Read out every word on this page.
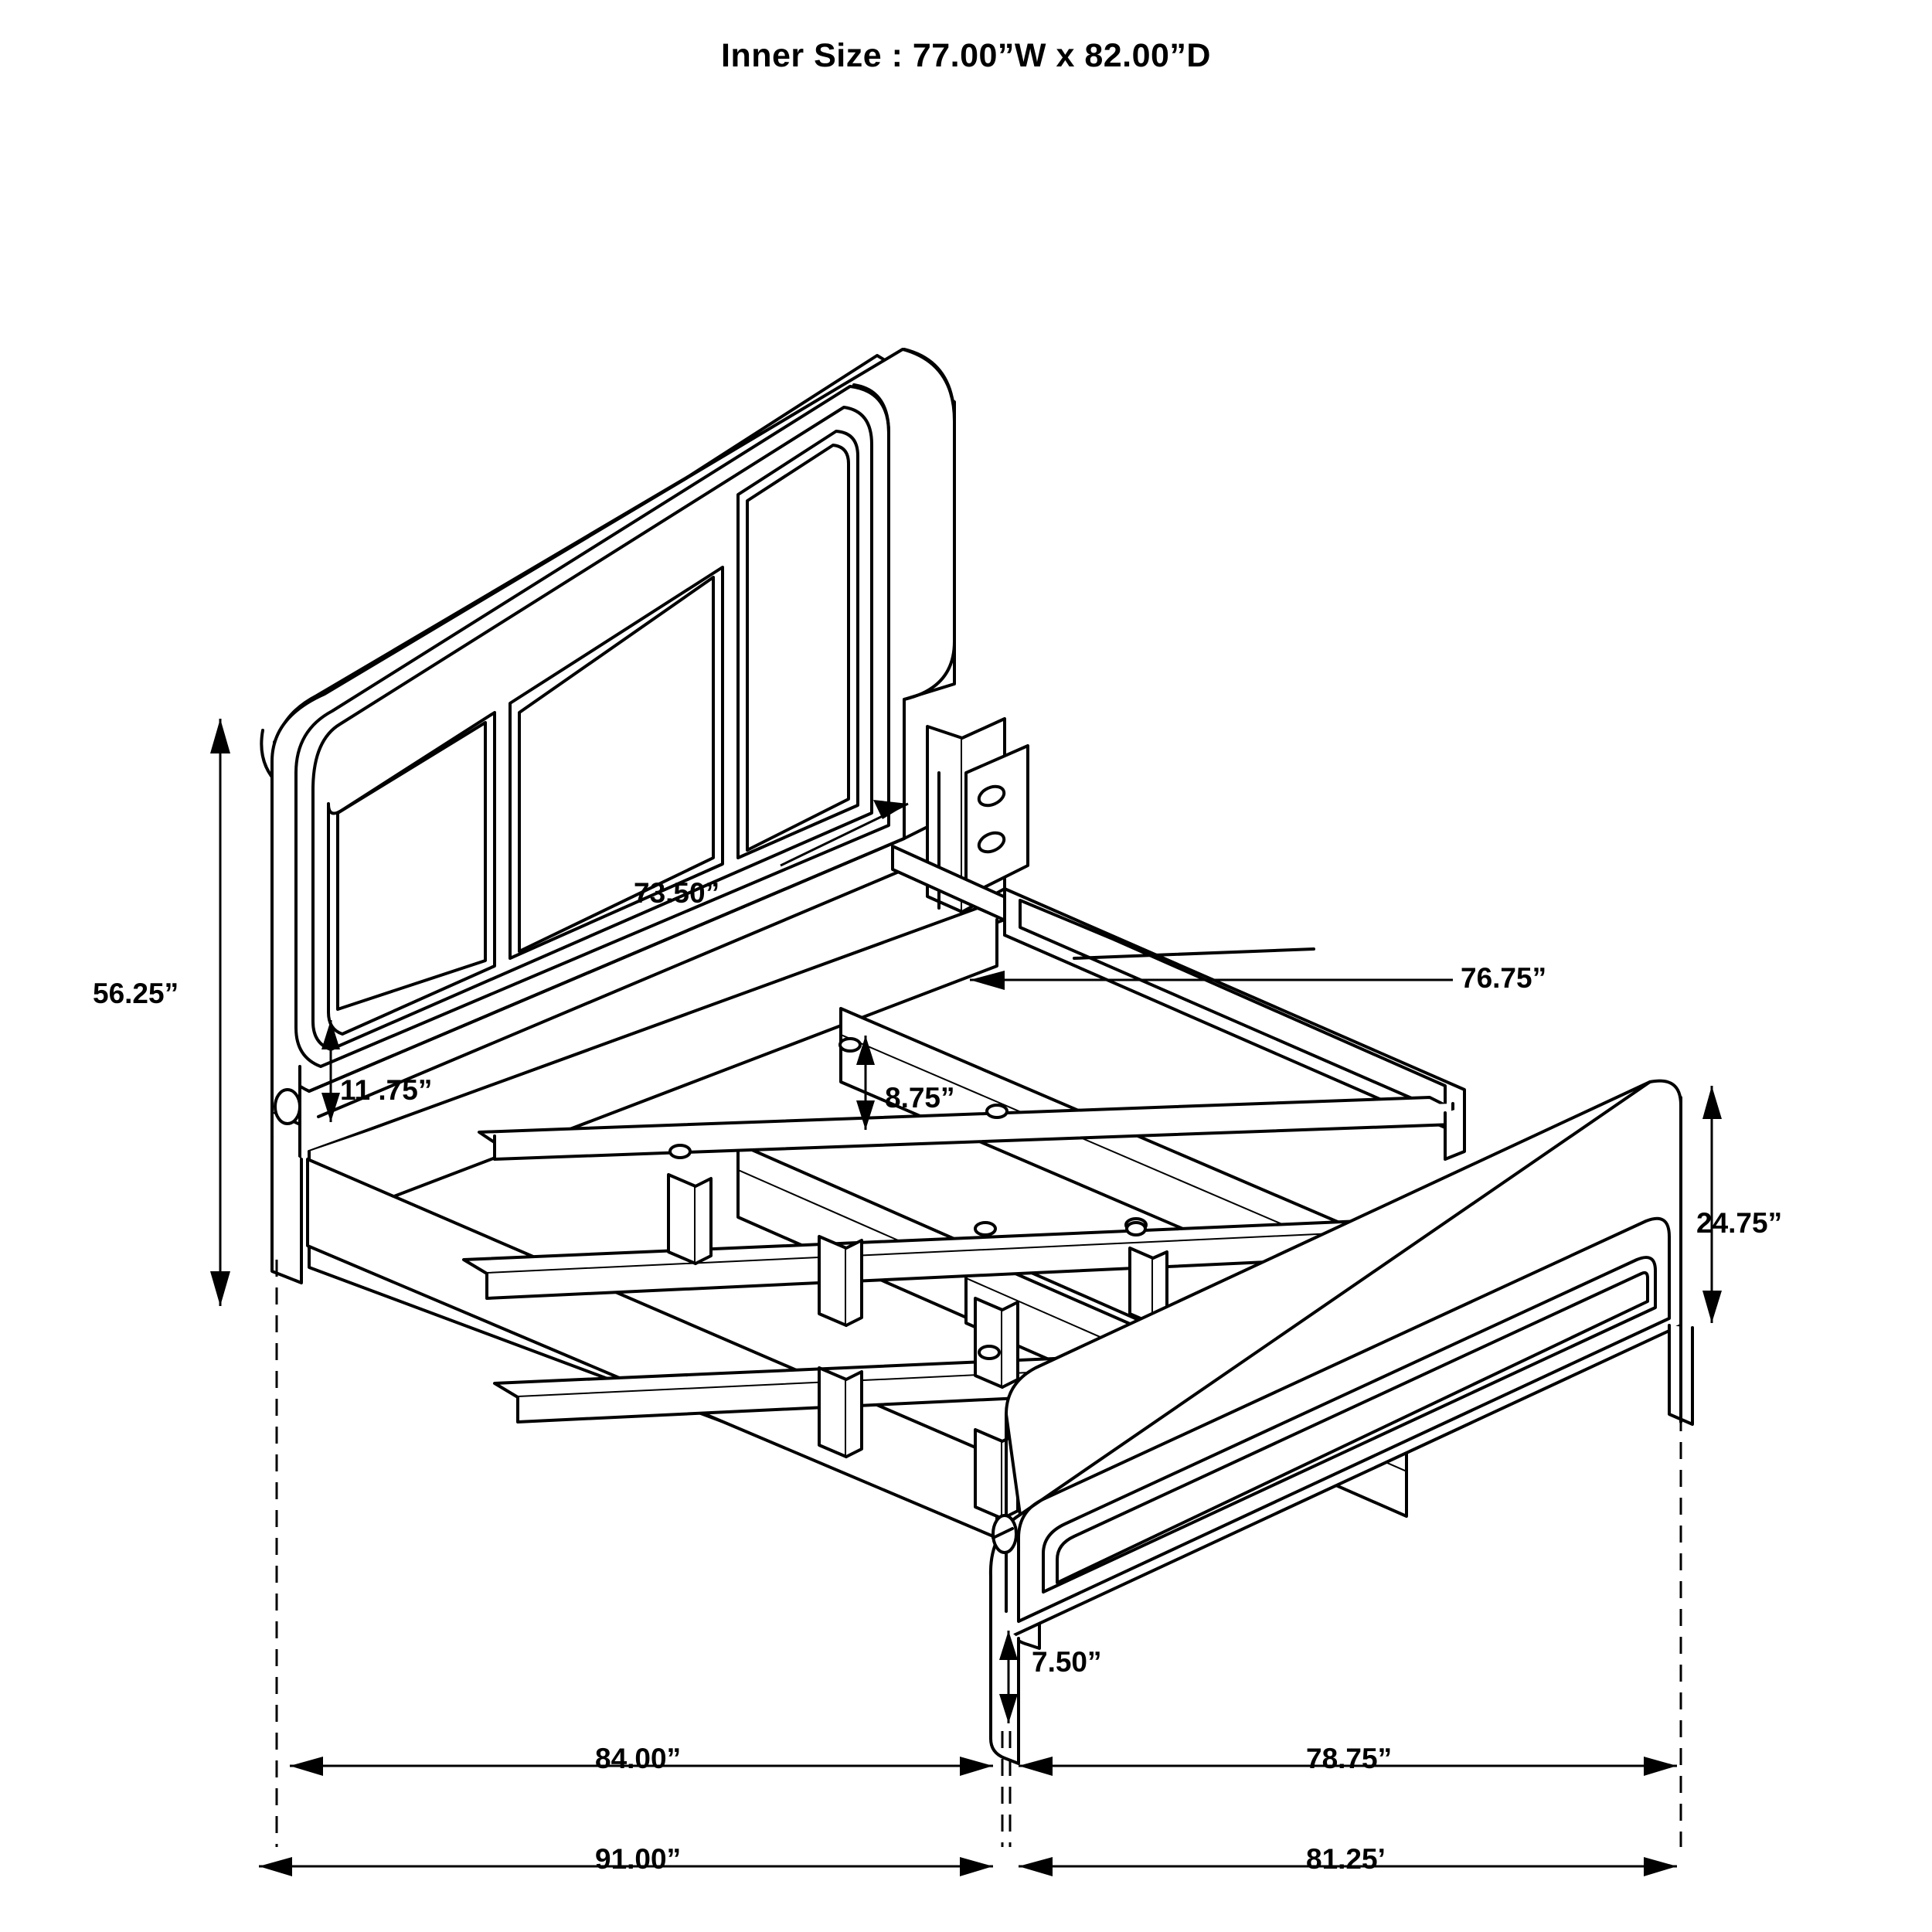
Inner Size : 77.00”W x 82.00”D
56.25”
73.50”
11 .75”	8.75”
76.75”
24.75”
7.50”
84.00”	78.75”
91.00”	81.25’
